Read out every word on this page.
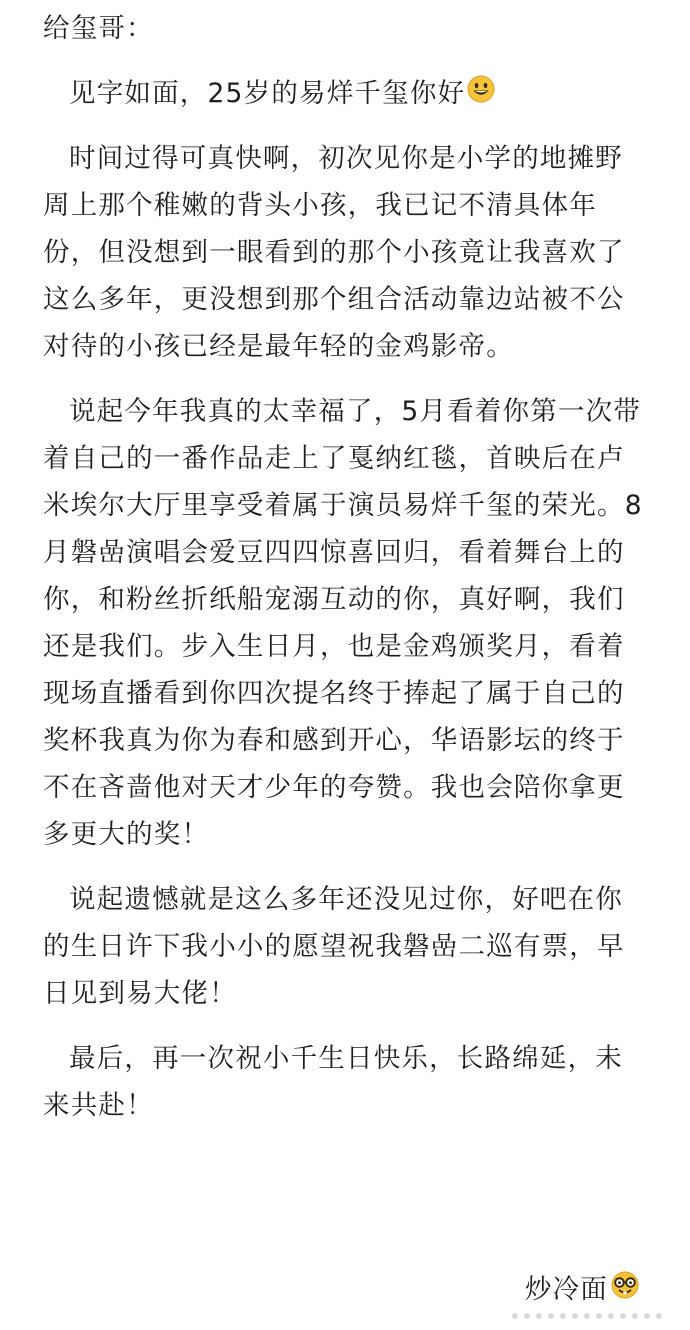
给玺哥：
见字如面，25岁的易烊千玺你好
时间过得可真快啊，初次见你是小学的地摊野
周上那个稚嫩的背头小孩，我已记不清具体年
份，但没想到一眼看到的那个小孩竟让我喜欢了
这么多年，更没想到那个组合活动靠边站被不公
对待的小孩已经是最年轻的金鸡影帝。
说起今年我真的太幸福了，5月看着你第一次带
着自己的一番作品走上了戛纳红毯，首映后在卢
米埃尔大厅里享受着属于演员易烊千玺的荣光。8
月磐嵒演唱会爱豆四四惊喜回归，看着舞台上的
你，和粉丝折纸船宠溺互动的你，真好啊，我们
还是我们。步入生日月，也是金鸡颁奖月，看着
现场直播看到你四次提名终于捧起了属于自己的
奖杯我真为你为春和感到开心，华语影坛的终于
不在吝啬他对天才少年的夸赞。我也会陪你拿更
多更大的奖！
说起遗憾就是这么多年还没见过你，好吧在你
的生日许下我小小的愿望祝我磐嵒二巡有票，早
日见到易大佬！
最后，再一次祝小千生日快乐，长路绵延，未
来共赴！
炒冷面
